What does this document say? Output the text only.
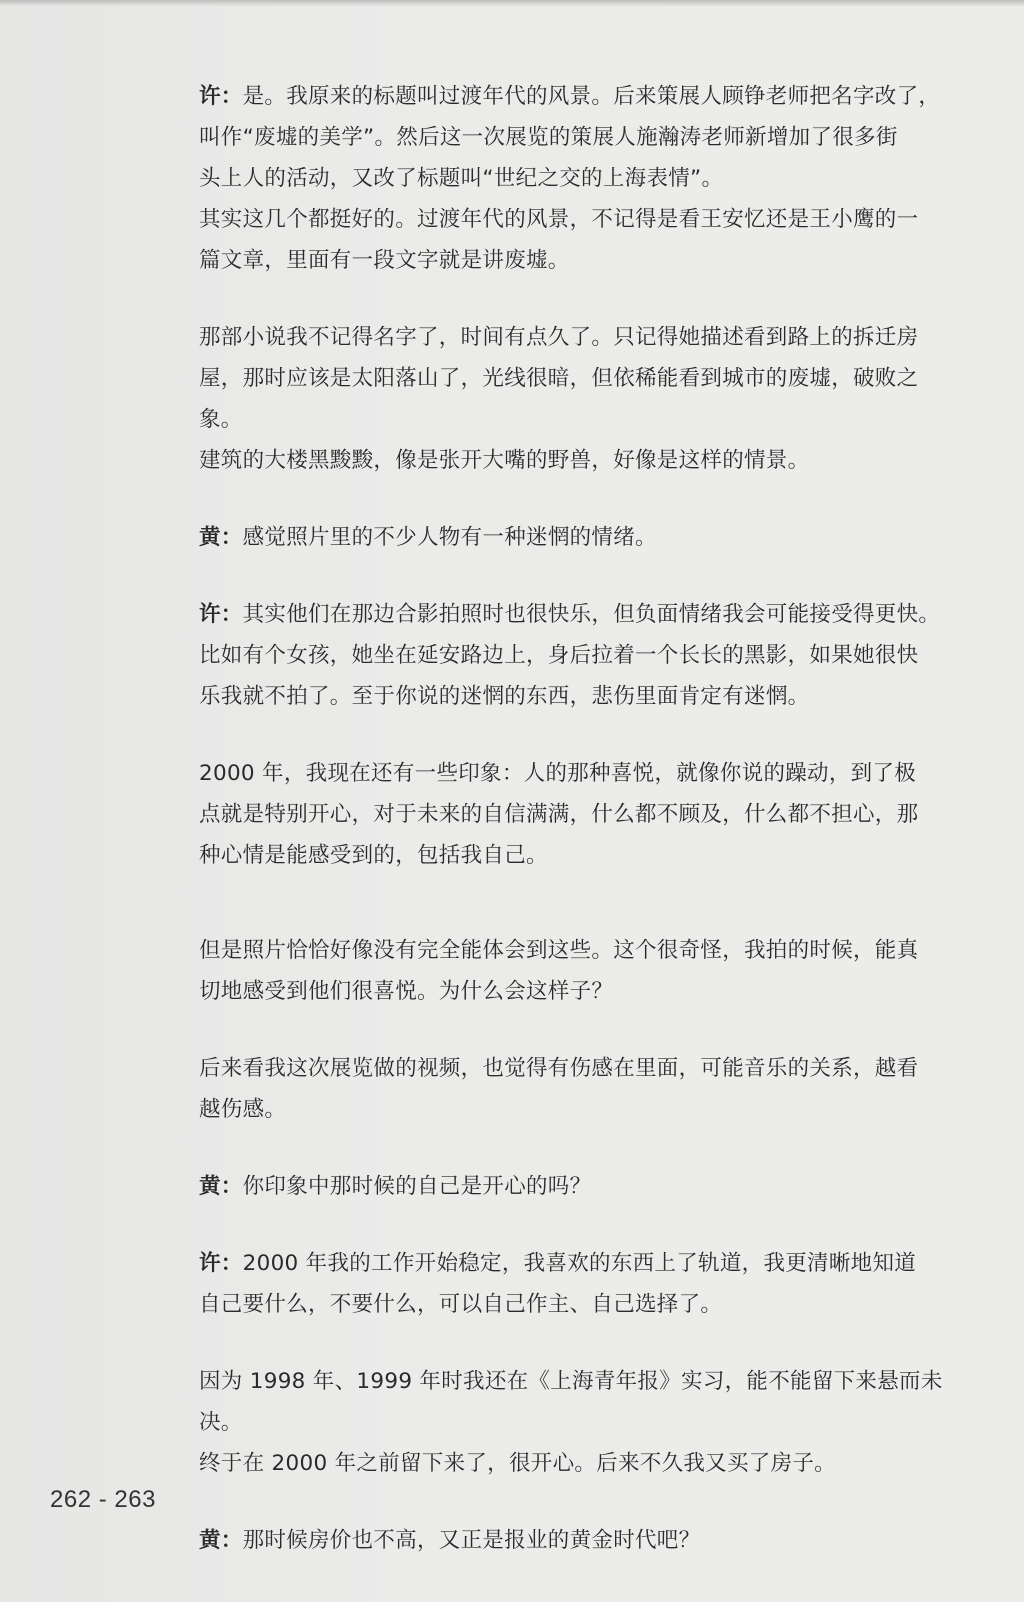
许：是。我原来的标题叫过渡年代的风景。后来策展人顾铮老师把名字改了，
叫作“废墟的美学”。然后这一次展览的策展人施瀚涛老师新增加了很多街
头上人的活动，又改了标题叫“世纪之交的上海表情”。

其实这几个都挺好的。过渡年代的风景，不记得是看王安忆还是王小鹰的一
篇文章，里面有一段文字就是讲废墟。

那部小说我不记得名字了，时间有点久了。只记得她描述看到路上的拆迁房
屋，那时应该是太阳落山了，光线很暗，但依稀能看到城市的废墟，破败之象。
建筑的大楼黑黢黢，像是张开大嘴的野兽，好像是这样的情景。

黄：感觉照片里的不少人物有一种迷惘的情绪。

许：其实他们在那边合影拍照时也很快乐，但负面情绪我会可能接受得更快。
比如有个女孩，她坐在延安路边上，身后拉着一个长长的黑影，如果她很快
乐我就不拍了。至于你说的迷惘的东西，悲伤里面肯定有迷惘。

2000 年，我现在还有一些印象：人的那种喜悦，就像你说的躁动，到了极
点就是特别开心，对于未来的自信满满，什么都不顾及，什么都不担心，那
种心情是能感受到的，包括我自己。

但是照片恰恰好像没有完全能体会到这些。这个很奇怪，我拍的时候，能真
切地感受到他们很喜悦。为什么会这样子？

后来看我这次展览做的视频，也觉得有伤感在里面，可能音乐的关系，越看
越伤感。

黄：你印象中那时候的自己是开心的吗？

许：2000 年我的工作开始稳定，我喜欢的东西上了轨道，我更清晰地知道
自己要什么，不要什么，可以自己作主、自己选择了。

因为 1998 年、1999 年时我还在《上海青年报》实习，能不能留下来悬而未决。
终于在 2000 年之前留下来了，很开心。后来不久我又买了房子。

黄：那时候房价也不高，又正是报业的黄金时代吧？

262 - 263
